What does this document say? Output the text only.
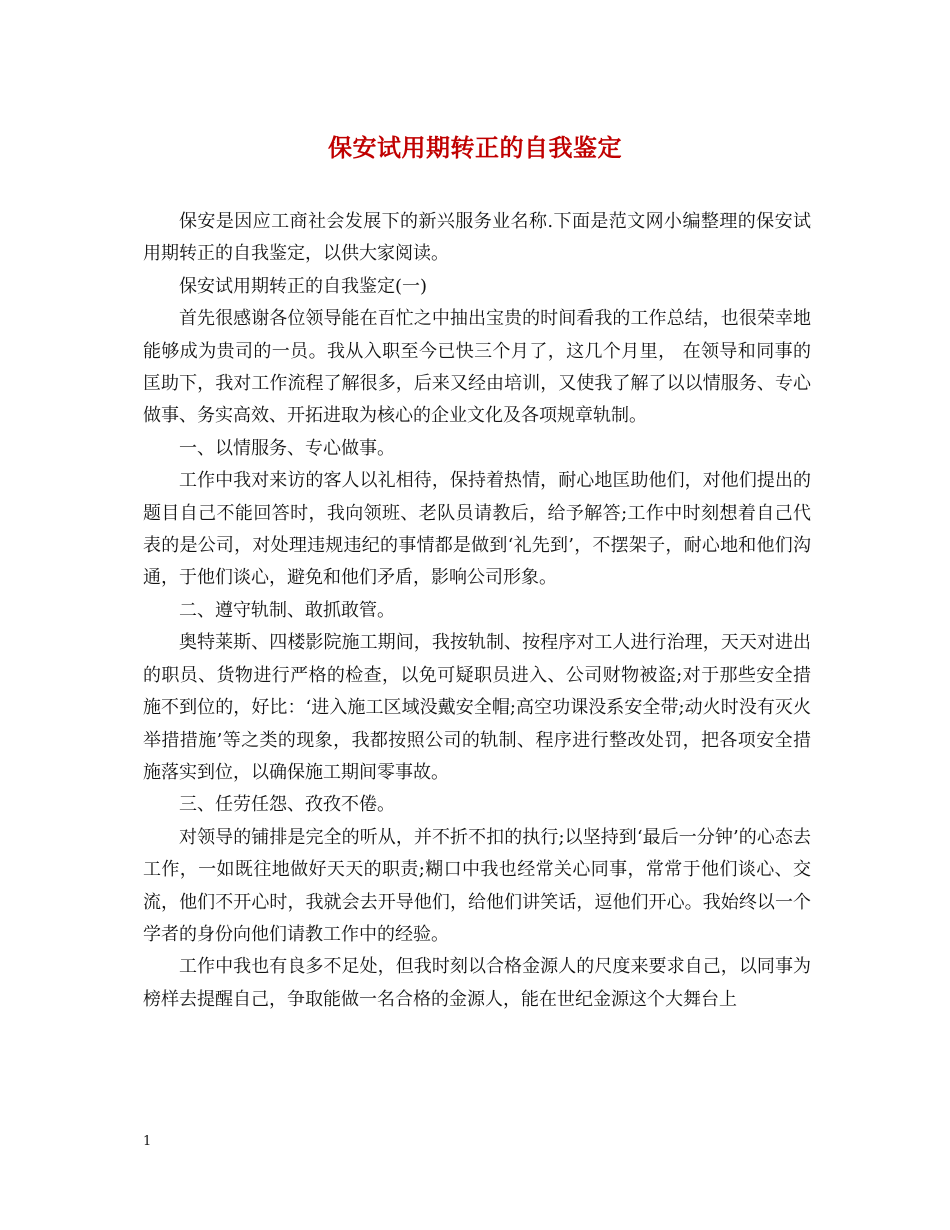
保安试用期转正的自我鉴定

保安是因应工商社会发展下的新兴服务业名称.下面是范文网小编整理的保安试用期转正的自我鉴定，以供大家阅读。

保安试用期转正的自我鉴定(一)

首先很感谢各位领导能在百忙之中抽出宝贵的时间看我的工作总结，也很荣幸地能够成为贵司的一员。我从入职至今已快三个月了，这几个月里， 在领导和同事的匡助下，我对工作流程了解很多，后来又经由培训，又使我了解了以以情服务、专心做事、务实高效、开拓进取为核心的企业文化及各项规章轨制。

一、以情服务、专心做事。

工作中我对来访的客人以礼相待，保持着热情，耐心地匡助他们，对他们提出的题目自己不能回答时，我向领班、老队员请教后，给予解答;工作中时刻想着自己代表的是公司，对处理违规违纪的事情都是做到‘礼先到’，不摆架子，耐心地和他们沟通，于他们谈心，避免和他们矛盾，影响公司形象。

二、遵守轨制、敢抓敢管。

奥特莱斯、四楼影院施工期间，我按轨制、按程序对工人进行治理，天天对进出的职员、货物进行严格的检查，以免可疑职员进入、公司财物被盗;对于那些安全措施不到位的，好比：‘进入施工区域没戴安全帽;高空功课没系安全带;动火时没有灭火举措措施’等之类的现象，我都按照公司的轨制、程序进行整改处罚，把各项安全措施落实到位，以确保施工期间零事故。

三、任劳任怨、孜孜不倦。

对领导的铺排是完全的听从，并不折不扣的执行;以坚持到‘最后一分钟’的心态去工作，一如既往地做好天天的职责;糊口中我也经常关心同事，常常于他们谈心、交流，他们不开心时，我就会去开导他们，给他们讲笑话，逗他们开心。我始终以一个学者的身份向他们请教工作中的经验。

工作中我也有良多不足处，但我时刻以合格金源人的尺度来要求自己，以同事为榜样去提醒自己，争取能做一名合格的金源人，能在世纪金源这个大舞台上

1
